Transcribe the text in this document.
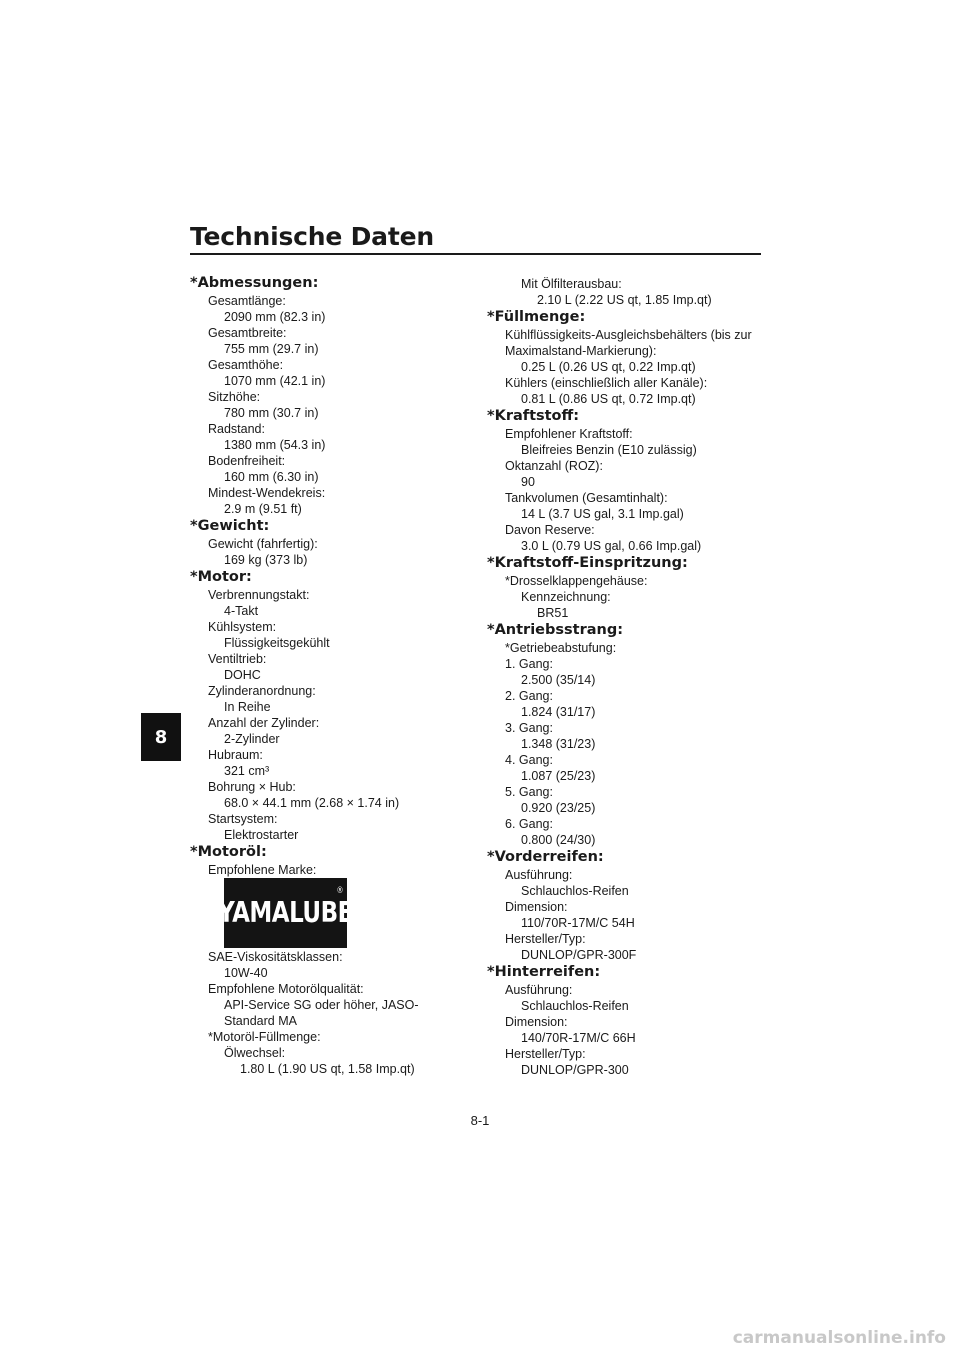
Technische Daten
8
*Abmessungen:
Gesamtlänge:
2090 mm (82.3 in)
Gesamtbreite:
755 mm (29.7 in)
Gesamthöhe:
1070 mm (42.1 in)
Sitzhöhe:
780 mm (30.7 in)
Radstand:
1380 mm (54.3 in)
Bodenfreiheit:
160 mm (6.30 in)
Mindest-Wendekreis:
2.9 m (9.51 ft)
*Gewicht:
Gewicht (fahrfertig):
169 kg (373 lb)
*Motor:
Verbrennungstakt:
4-Takt
Kühlsystem:
Flüssigkeitsgekühlt
Ventiltrieb:
DOHC
Zylinderanordnung:
In Reihe
Anzahl der Zylinder:
2-Zylinder
Hubraum:
321 cm³
Bohrung × Hub:
68.0 × 44.1 mm (2.68 × 1.74 in)
Startsystem:
Elektrostarter
*Motoröl:
Empfohlene Marke:
YAMALUBE
®
SAE-Viskositätsklassen:
10W-40
Empfohlene Motorölqualität:
API-Service SG oder höher, JASO-
Standard MA
*Motoröl-Füllmenge:
Ölwechsel:
1.80 L (1.90 US qt, 1.58 Imp.qt)
Mit Ölfilterausbau:
2.10 L (2.22 US qt, 1.85 Imp.qt)
*Füllmenge:
Kühlflüssigkeits-Ausgleichsbehälters (bis zur
Maximalstand-Markierung):
0.25 L (0.26 US qt, 0.22 Imp.qt)
Kühlers (einschließlich aller Kanäle):
0.81 L (0.86 US qt, 0.72 Imp.qt)
*Kraftstoff:
Empfohlener Kraftstoff:
Bleifreies Benzin (E10 zulässig)
Oktanzahl (ROZ):
90
Tankvolumen (Gesamtinhalt):
14 L (3.7 US gal, 3.1 Imp.gal)
Davon Reserve:
3.0 L (0.79 US gal, 0.66 Imp.gal)
*Kraftstoff-Einspritzung:
*Drosselklappengehäuse:
Kennzeichnung:
BR51
*Antriebsstrang:
*Getriebeabstufung:
1. Gang:
2.500 (35/14)
2. Gang:
1.824 (31/17)
3. Gang:
1.348 (31/23)
4. Gang:
1.087 (25/23)
5. Gang:
0.920 (23/25)
6. Gang:
0.800 (24/30)
*Vorderreifen:
Ausführung:
Schlauchlos-Reifen
Dimension:
110/70R-17M/C 54H
Hersteller/Typ:
DUNLOP/GPR-300F
*Hinterreifen:
Ausführung:
Schlauchlos-Reifen
Dimension:
140/70R-17M/C 66H
Hersteller/Typ:
DUNLOP/GPR-300
8-1
carmanualsonline.info
